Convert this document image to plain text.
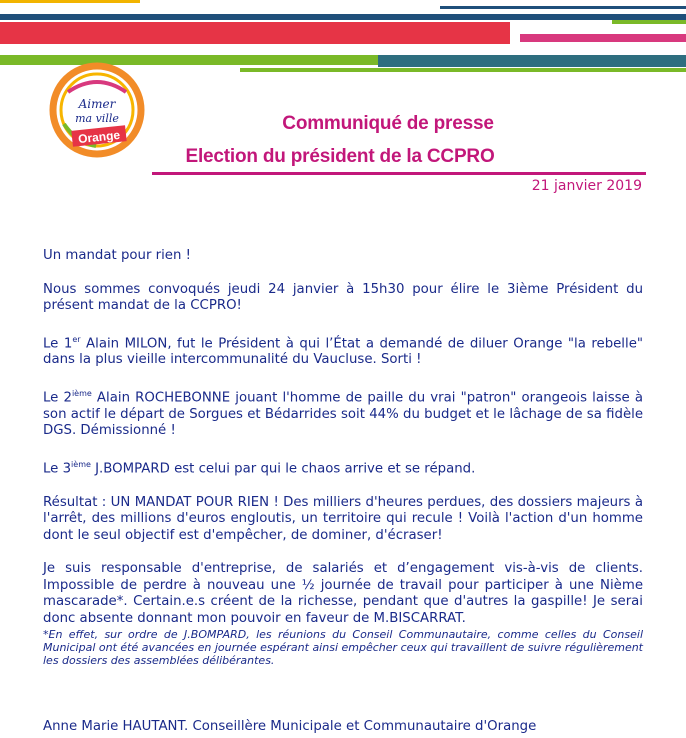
Aimer
ma ville
Orange
Communiqué de presse
Election du président de la CCPRO
21 janvier 2019

Un mandat pour rien !

Nous sommes convoqués jeudi 24 janvier à 15h30 pour élire le 3ième Président du présent mandat de la CCPRO!

Le 1er Alain MILON, fut le Président à qui l’État a demandé de diluer Orange "la rebelle" dans la plus vieille intercommunalité du Vaucluse. Sorti !

Le 2ième Alain ROCHEBONNE jouant l'homme de paille du vrai "patron" orangeois laisse à son actif le départ de Sorgues et Bédarrides soit 44% du budget et le lâchage de sa fidèle DGS. Démissionné !

Le 3ième J.BOMPARD est celui par qui le chaos arrive et se répand.

Résultat : UN MANDAT POUR RIEN ! Des milliers d'heures perdues, des dossiers majeurs à l'arrêt, des millions d'euros engloutis, un territoire qui recule ! Voilà l'action d'un homme dont le seul objectif est d'empêcher, de dominer, d'écraser!

Je suis responsable d'entreprise, de salariés et d’engagement vis-à-vis de clients. Impossible de perdre à nouveau une ½ journée de travail pour participer à une Nième mascarade*. Certain.e.s créent de la richesse, pendant que d'autres la gaspille! Je serai donc absente donnant mon pouvoir en faveur de M.BISCARRAT.

*En effet, sur ordre de J.BOMPARD, les réunions du Conseil Communautaire, comme celles du Conseil Municipal ont été avancées en journée espérant ainsi empêcher ceux qui travaillent de suivre régulièrement les dossiers des assemblées délibérantes.
Anne Marie HAUTANT. Conseillère Municipale et Communautaire d'Orange
